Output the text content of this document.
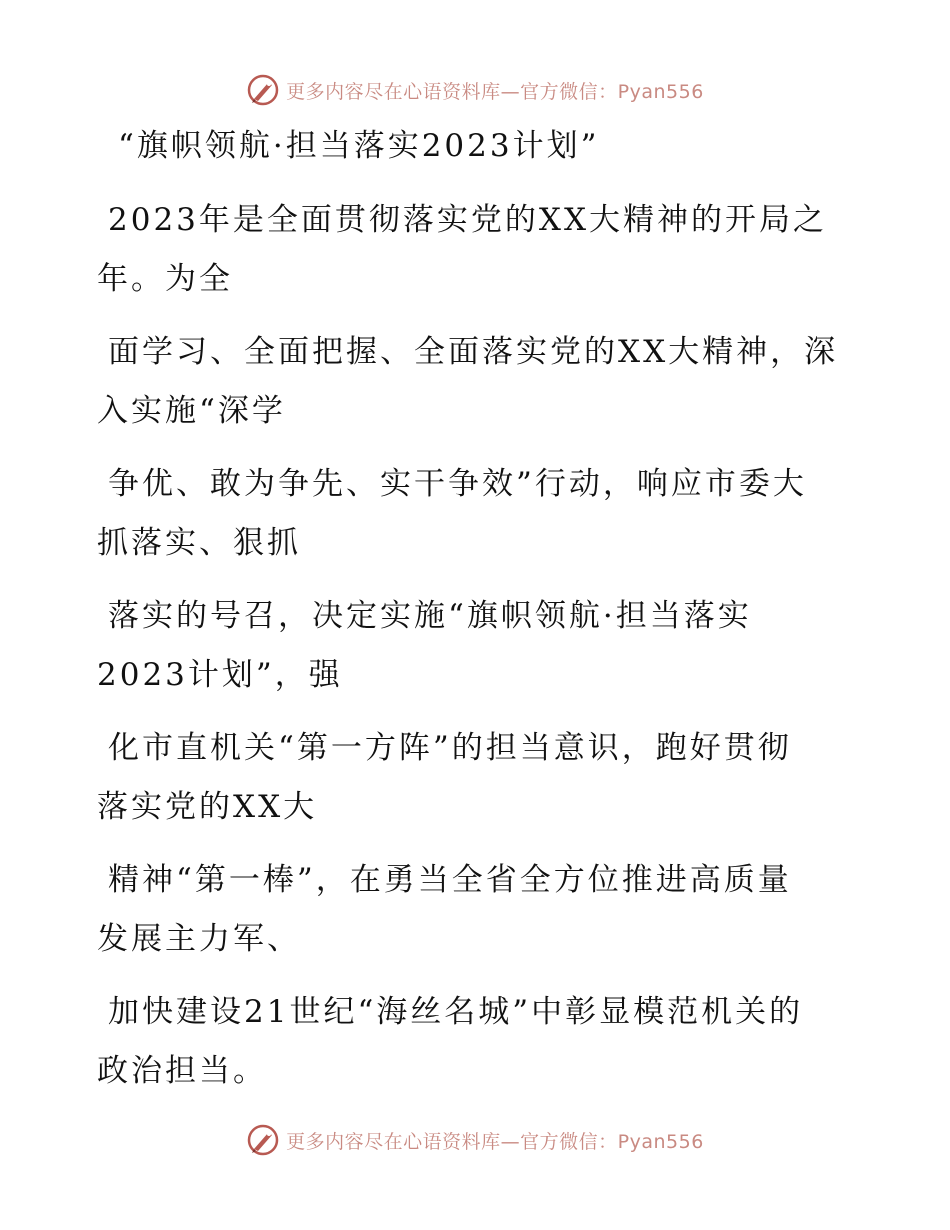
更多内容尽在心语资料库—官方微信：Pyan556
“旗帜领航·担当落实2023计划”
2023年是全面贯彻落实党的XX大精神的开局之
年。为全
面学习、全面把握、全面落实党的XX大精神，深
入实施“深学
争优、敢为争先、实干争效”行动，响应市委大
抓落实、狠抓
落实的号召，决定实施“旗帜领航·担当落实
2023计划”，强
化市直机关“第一方阵”的担当意识，跑好贯彻
落实党的XX大
精神“第一棒”，在勇当全省全方位推进高质量
发展主力军、
加快建设21世纪“海丝名城”中彰显模范机关的
政治担当。
更多内容尽在心语资料库—官方微信：Pyan556
